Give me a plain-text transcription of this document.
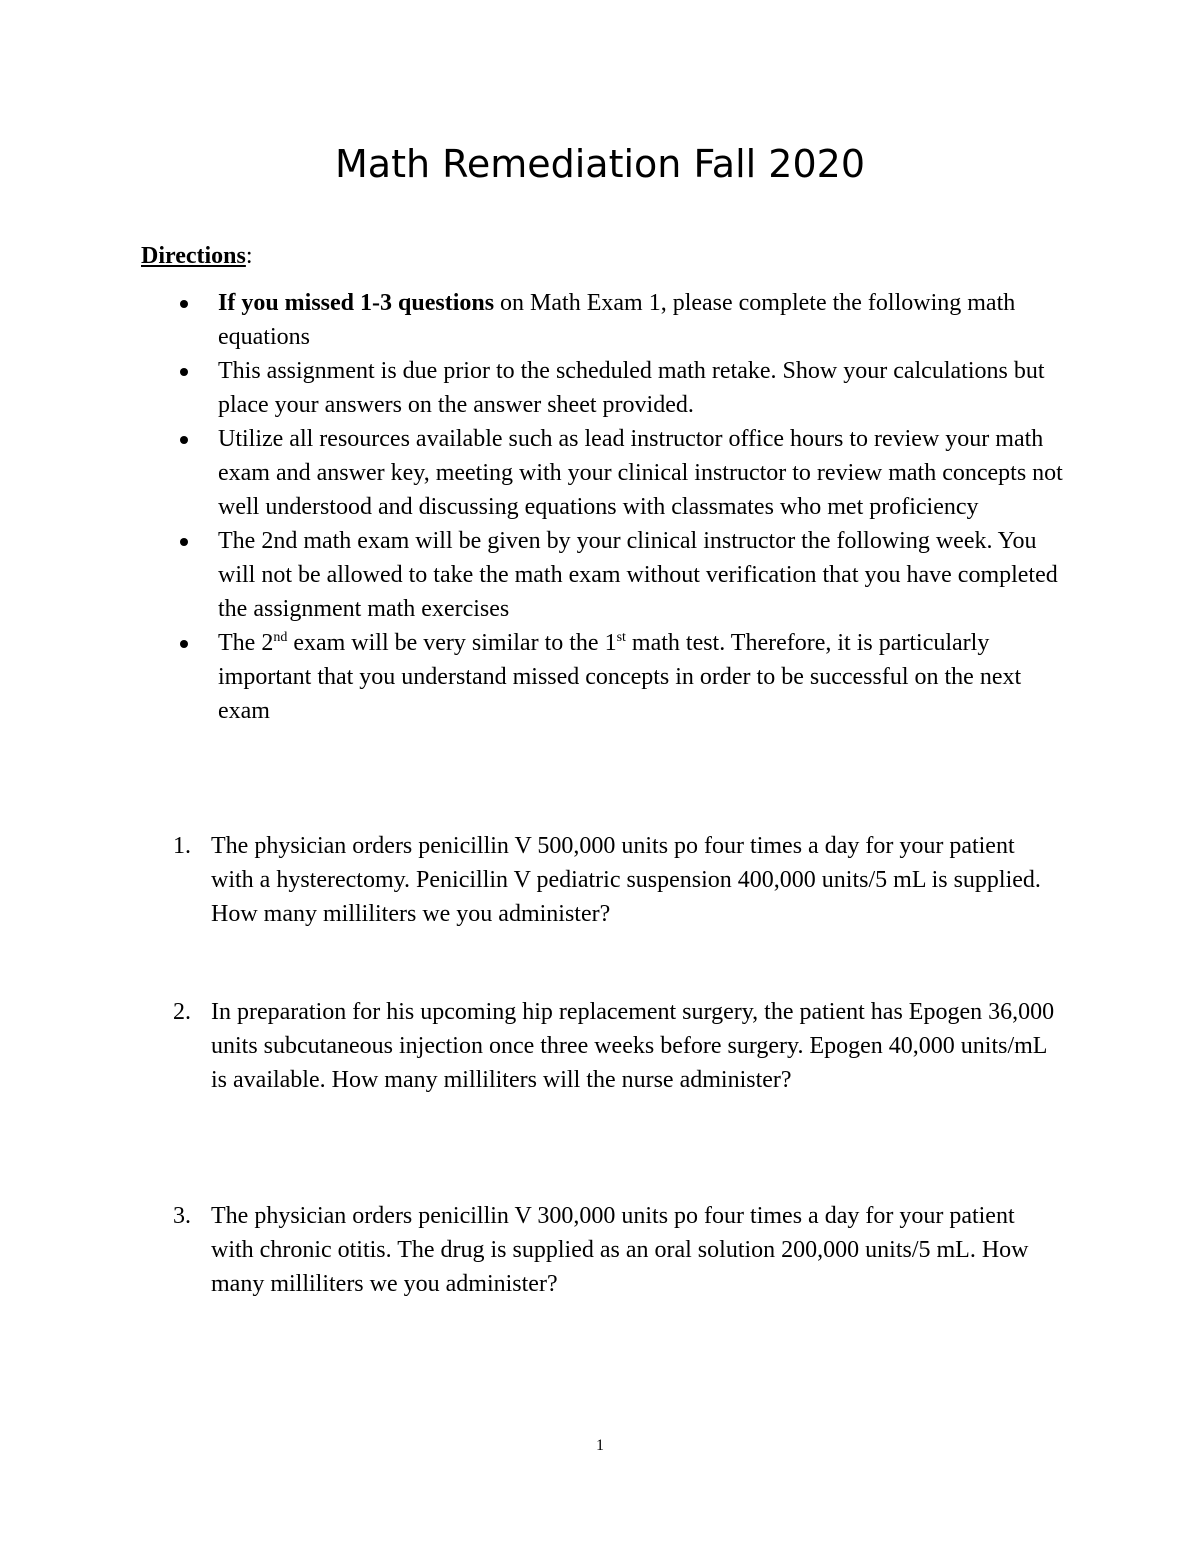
Math Remediation Fall 2020
Directions:
If you missed 1-3 questions on Math Exam 1, please complete the following math equations
This assignment is due prior to the scheduled math retake. Show your calculations but place your answers on the answer sheet provided.
Utilize all resources available such as lead instructor office hours to review your math exam and answer key, meeting with your clinical instructor to review math concepts not well understood and discussing equations with classmates who met proficiency
The 2nd math exam will be given by your clinical instructor the following week. You will not be allowed to take the math exam without verification that you have completed the assignment math exercises
The 2nd exam will be very similar to the 1st math test. Therefore, it is particularly important that you understand missed concepts in order to be successful on the next exam
1. The physician orders penicillin V 500,000 units po four times a day for your patient with a hysterectomy. Penicillin V pediatric suspension 400,000 units/5 mL is supplied. How many milliliters we you administer?
2. In preparation for his upcoming hip replacement surgery, the patient has Epogen 36,000 units subcutaneous injection once three weeks before surgery. Epogen 40,000 units/mL is available. How many milliliters will the nurse administer?
3. The physician orders penicillin V 300,000 units po four times a day for your patient with chronic otitis. The drug is supplied as an oral solution 200,000 units/5 mL. How many milliliters we you administer?
1
